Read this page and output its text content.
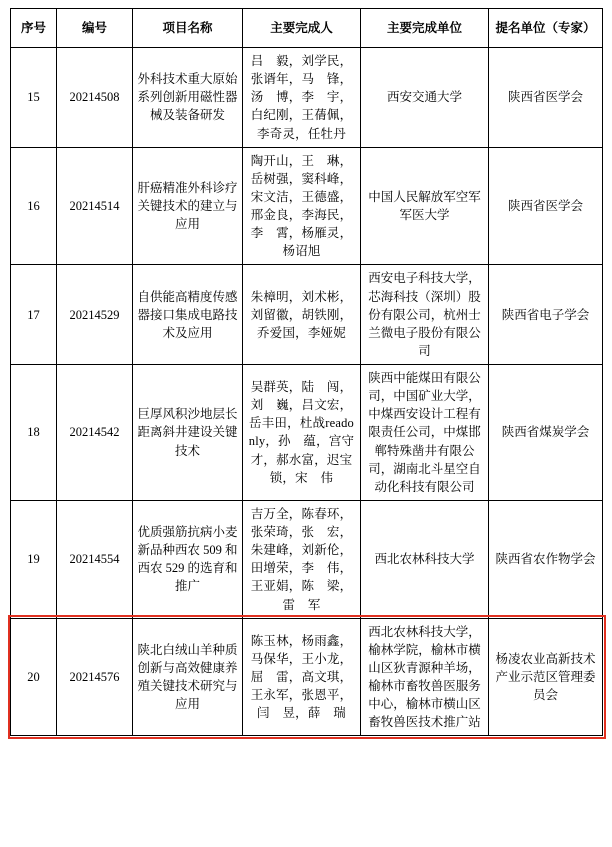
序号	编号	项目名称	主要完成人	主要完成单位	提名单位（专家）
15	20214508	外科技术重大原始系列创新用磁性器械及装备研发	吕　毅，刘学民，张谞年，马　锋，汤　博，李　宇，白纪刚，王蒨佩，李奇灵，任牡丹	西安交通大学	陕西省医学会
16	20214514	肝癌精准外科诊疗关键技术的建立与应用	陶开山，王　琳，岳树强，窦科峰，宋文洁，王德盛，邢金良，李海民，李　霄，杨雁灵，杨诏旭	中国人民解放军空军军医大学	陕西省医学会
17	20214529	自供能高精度传感器接口集成电路技术及应用	朱樟明，刘术彬，刘留徽，胡铁刚，乔爱国，李娅妮	西安电子科技大学，芯海科技（深圳）股份有限公司，杭州士兰微电子股份有限公司	陕西省电子学会
18	20214542	巨厚风积沙地层长距离斜井建设关键技术	吴群英，陆　闯，刘　巍，吕文宏，岳丰田，杜战readonly，孙　蕴，宫守才，郝水富，迟宝锁，宋　伟	陕西中能煤田有限公司，中国矿业大学，中煤西安设计工程有限责任公司，中煤邯郸特殊凿井有限公司，湖南北斗星空自动化科技有限公司	陕西省煤炭学会
19	20214554	优质强筋抗病小麦新品种西农 509 和西农 529 的选育和推广	吉万全，陈春环，张荣琦，张　宏，朱建峰，刘新伦，田增荣，李　伟，王亚娟，陈　梁，雷　军	西北农林科技大学	陕西省农作物学会
20	20214576	陕北白绒山羊种质创新与高效健康养殖关键技术研究与应用	陈玉林，杨雨鑫，马保华，王小龙，屈　雷，高文琪，王永军，张恩平，闫　昱，薛　瑞	西北农林科技大学，榆林学院，榆林市横山区狄青源种羊场，榆林市畜牧兽医服务中心，榆林市横山区畜牧兽医技术推广站	杨凌农业高新技术产业示范区管理委员会
